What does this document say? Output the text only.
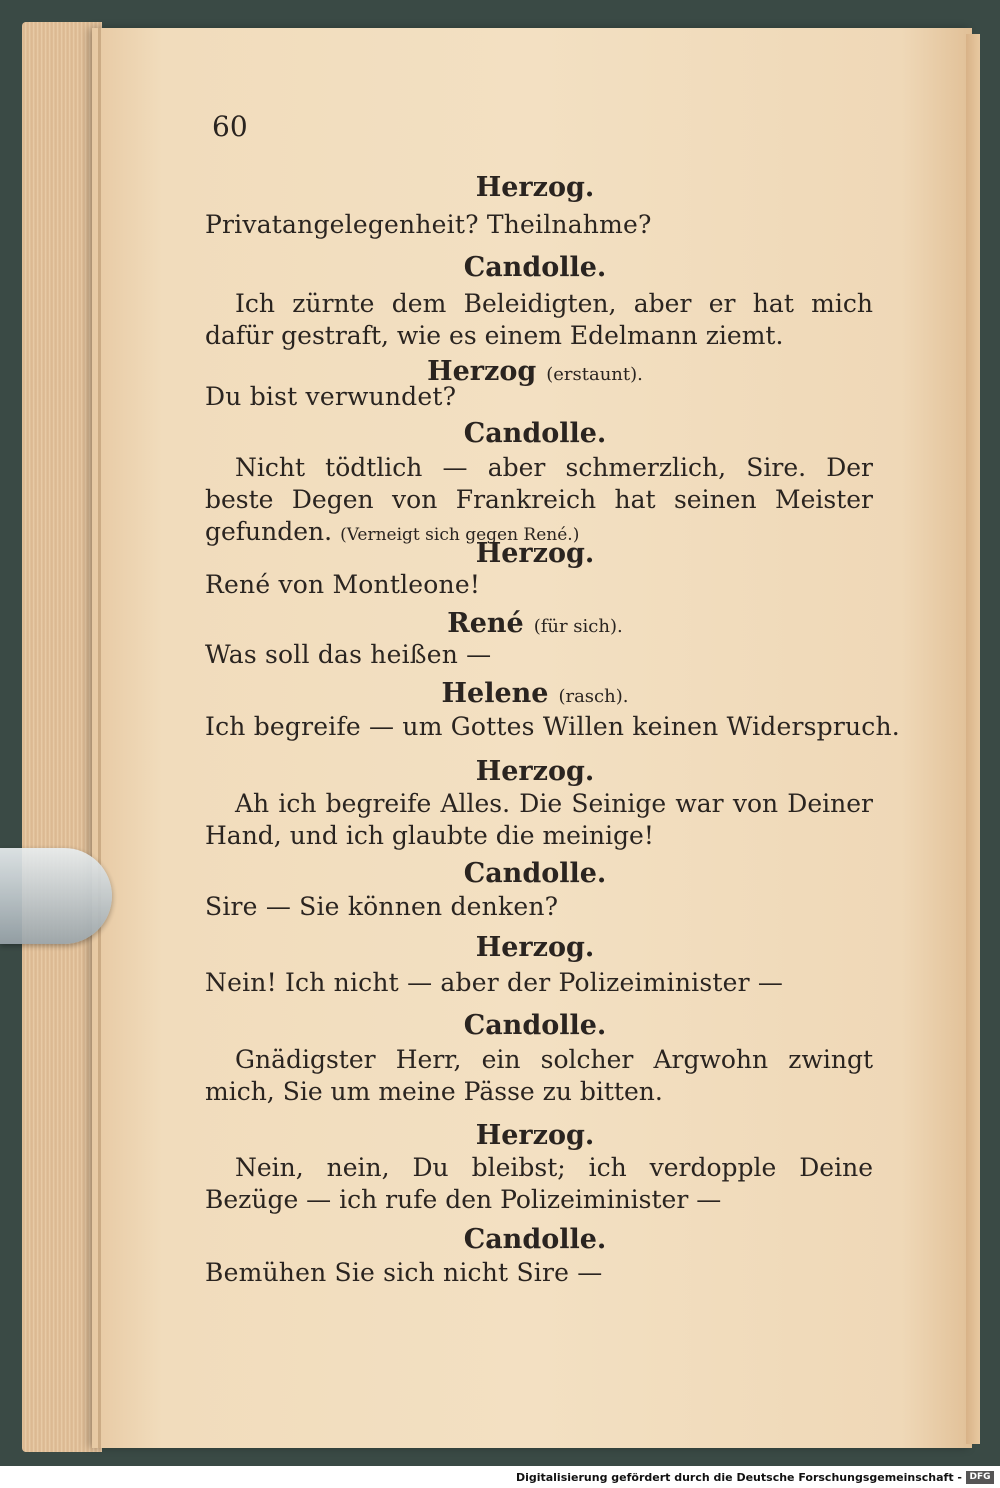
60
Herzog.
Privatangelegenheit? Theilnahme?
Candolle.
Ich zürnte dem Beleidigten, aber er hat mich dafür gestraft, wie es einem Edelmann ziemt.
Herzog (erstaunt).
Du bist verwundet?
Candolle.
Nicht tödtlich — aber schmerzlich, Sire. Der beste Degen von Frankreich hat seinen Meister gefunden. (Verneigt sich gegen René.)
Herzog.
René von Montleone!
René (für sich).
Was soll das heißen —
Helene (rasch).
Ich begreife — um Gottes Willen keinen Widerspruch.
Herzog.
Ah ich begreife Alles. Die Seinige war von Deiner Hand, und ich glaubte die meinige!
Candolle.
Sire — Sie können denken?
Herzog.
Nein! Ich nicht — aber der Polizeiminister —
Candolle.
Gnädigster Herr, ein solcher Argwohn zwingt mich, Sie um meine Pässe zu bitten.
Herzog.
Nein, nein, Du bleibst; ich verdopple Deine Bezüge — ich rufe den Polizeiminister —
Candolle.
Bemühen Sie sich nicht Sire —
Digitalisierung gefördert durch die Deutsche Forschungsgemeinschaft - DFG
